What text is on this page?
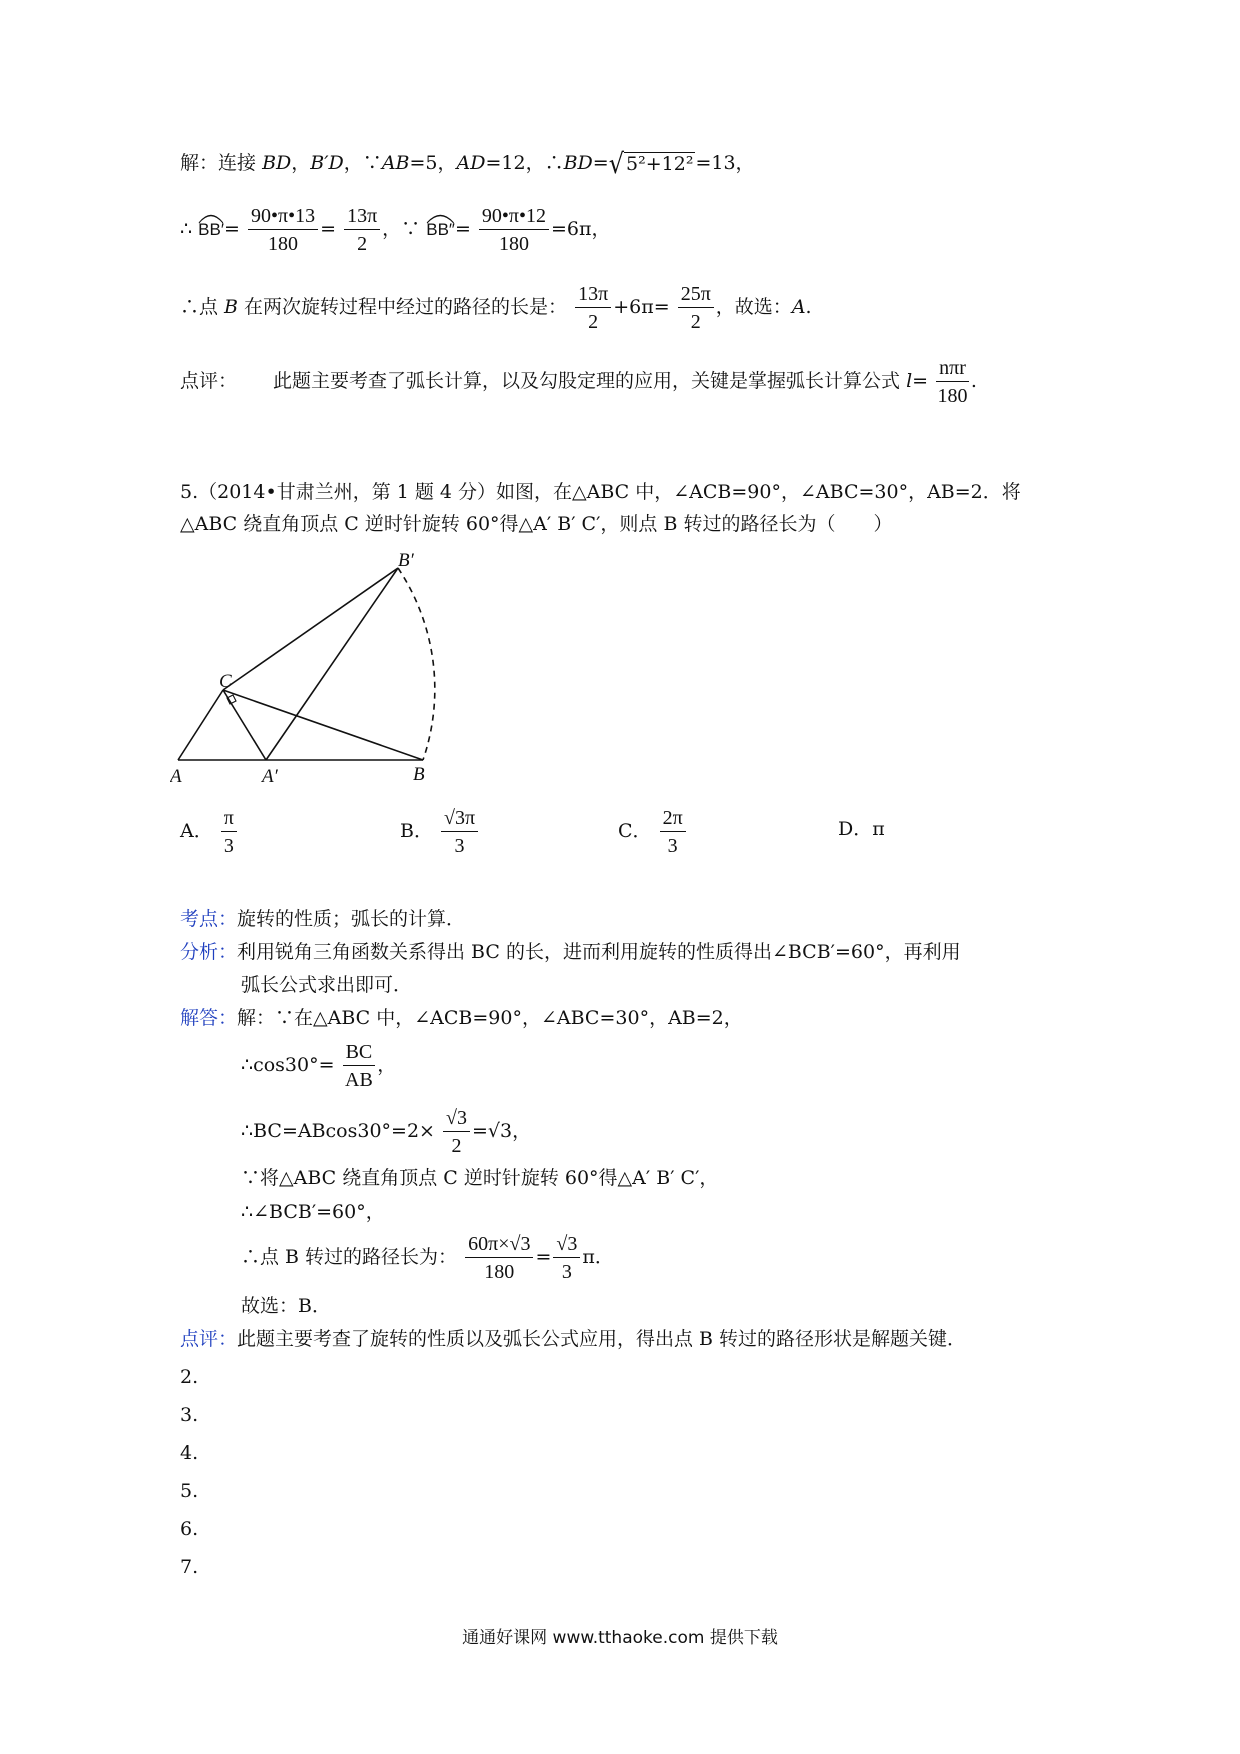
解：连接 BD，B′D，∵AB=5，AD=12，∴BD= √ 5²+12² =13，
∴ $BB'= \frac{90•\pi•13}{180} = \frac{13\pi}{2}$ ，∵ $BB''= \frac{90•\pi•12}{180} =6\pi$，
∴点 B 在两次旋转过程中经过的路径的长是： $\frac{13\pi}{2} +6\pi= \frac{25\pi}{2}$ ，故选：A.
点评： 此题主要考查了弧长计算，以及勾股定理的应用，关键是掌握弧长计算公式 $l= \frac{\text{nπr}}{180}$ .
5.（2014•甘肃兰州，第 1 题 4 分）如图，在△ABC 中，∠ACB=90°，∠ABC=30°，AB=2．将
△ABC 绕直角顶点 C 逆时针旋转 60°得△A′ B′ C′，则点 B 转过的路径长为（　　）
A	A′	B
B′
C
A． $\frac{\pi}{3}$	B． $\frac{√3\pi}{3}$	C． $\frac{2\pi}{3}$	D．π
考点：旋转的性质；弧长的计算．
分析：利用锐角三角函数关系得出 BC 的长，进而利用旋转的性质得出∠BCB′=60°，再利用
弧长公式求出即可．
解答：解：∵在△ABC 中，∠ACB=90°，∠ABC=30°，AB=2，
∴cos30°= $\frac{BC}{AB}$ ，
∴BC=ABcos30°=2× $\frac{√3}{2} =√3$，
∵将△ABC 绕直角顶点 C 逆时针旋转 60°得△A′ B′ C′，
∴∠BCB′=60°，
∴点 B 转过的路径长为： $\frac{60\pi\times√3}{180} = \frac{√3}{3}$ π．
故选：B．
点评：此题主要考查了旋转的性质以及弧长公式应用，得出点 B 转过的路径形状是解题关键．
2.
3.
4.
5.
6.
7.
通通好课网 www.tthaoke.com 提供下载
